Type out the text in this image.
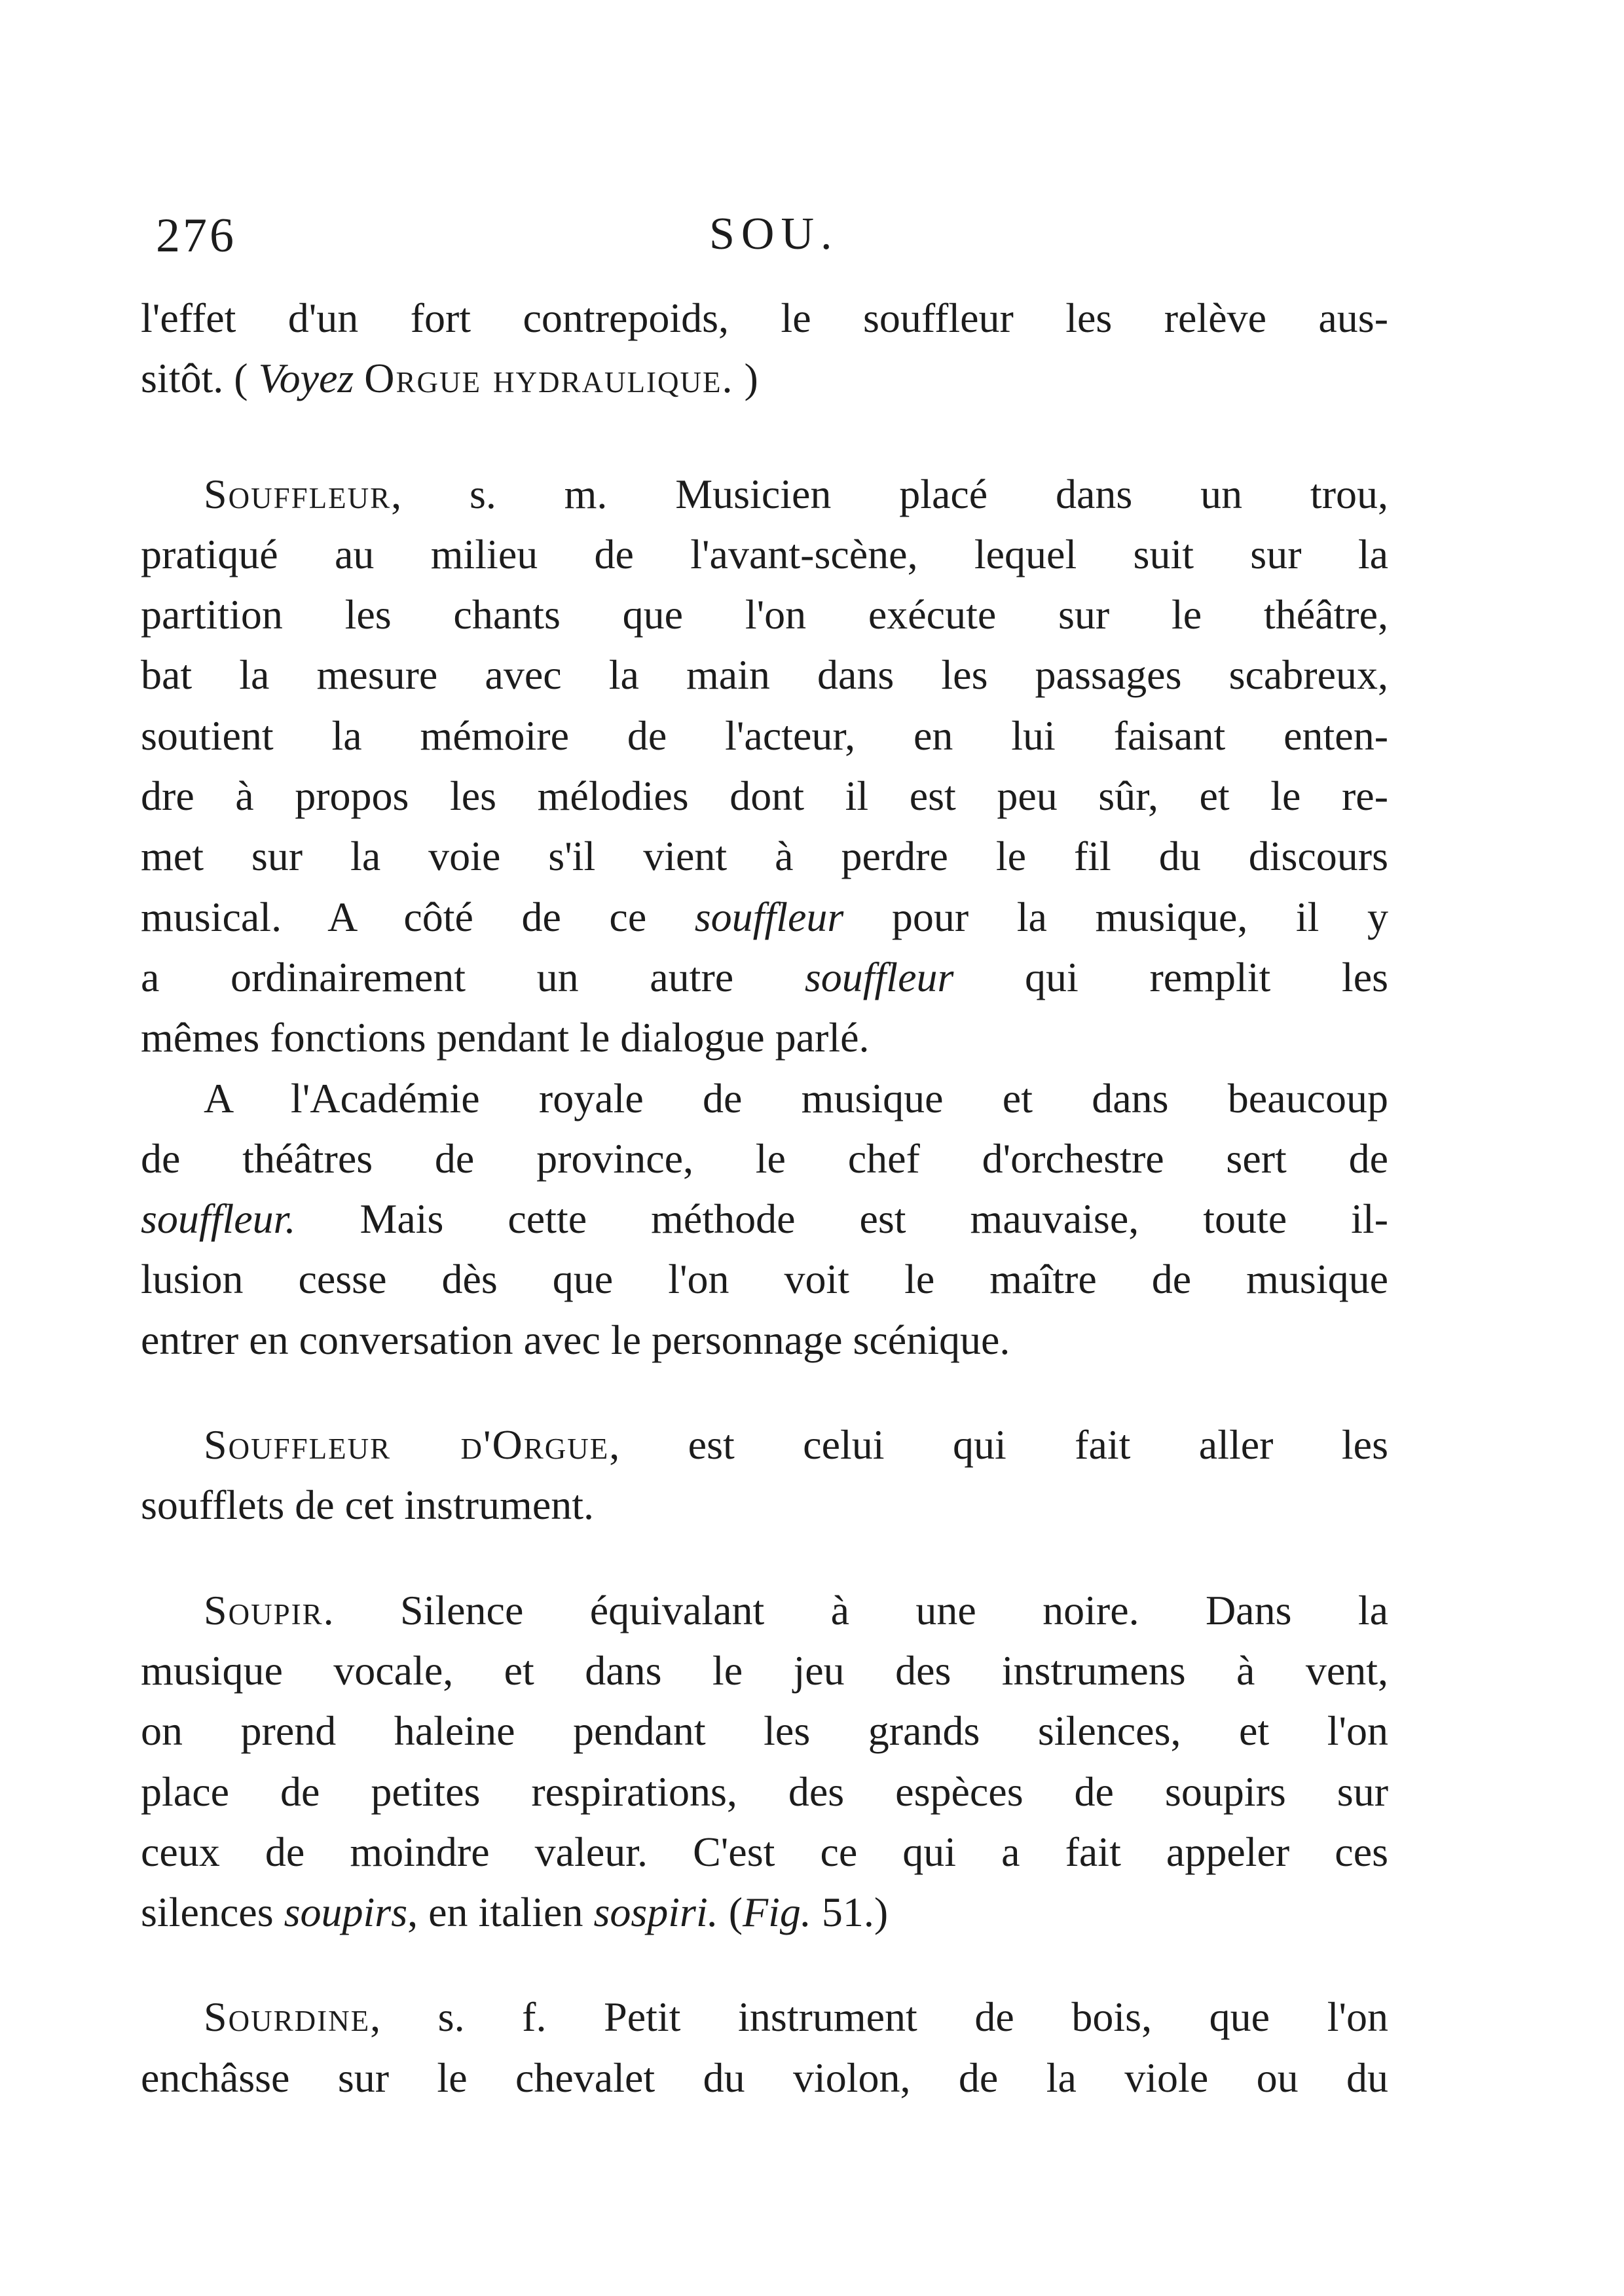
276	SOU.
l'effet d'un fort contrepoids, le souffleur les relève aus-
sitôt. ( Voyez Orgue hydraulique. )
Souffleur, s. m. Musicien placé dans un trou,
pratiqué au milieu de l'avant-scène, lequel suit sur la
partition les chants que l'on exécute sur le théâtre,
bat la mesure avec la main dans les passages scabreux,
soutient la mémoire de l'acteur, en lui faisant enten-
dre à propos les mélodies dont il est peu sûr, et le re-
met sur la voie s'il vient à perdre le fil du discours
musical. A côté de ce souffleur pour la musique, il y
a ordinairement un autre souffleur qui remplit les
mêmes fonctions pendant le dialogue parlé.
A l'Académie royale de musique et dans beaucoup
de théâtres de province, le chef d'orchestre sert de
souffleur. Mais cette méthode est mauvaise, toute il-
lusion cesse dès que l'on voit le maître de musique
entrer en conversation avec le personnage scénique.
Souffleur d'Orgue, est celui qui fait aller les
soufflets de cet instrument.
Soupir. Silence équivalant à une noire. Dans la
musique vocale, et dans le jeu des instrumens à vent,
on prend haleine pendant les grands silences, et l'on
place de petites respirations, des espèces de soupirs sur
ceux de moindre valeur. C'est ce qui a fait appeler ces
silences soupirs, en italien sospiri. (Fig. 51.)
Sourdine, s. f. Petit instrument de bois, que l'on
enchâsse sur le chevalet du violon, de la viole ou du
